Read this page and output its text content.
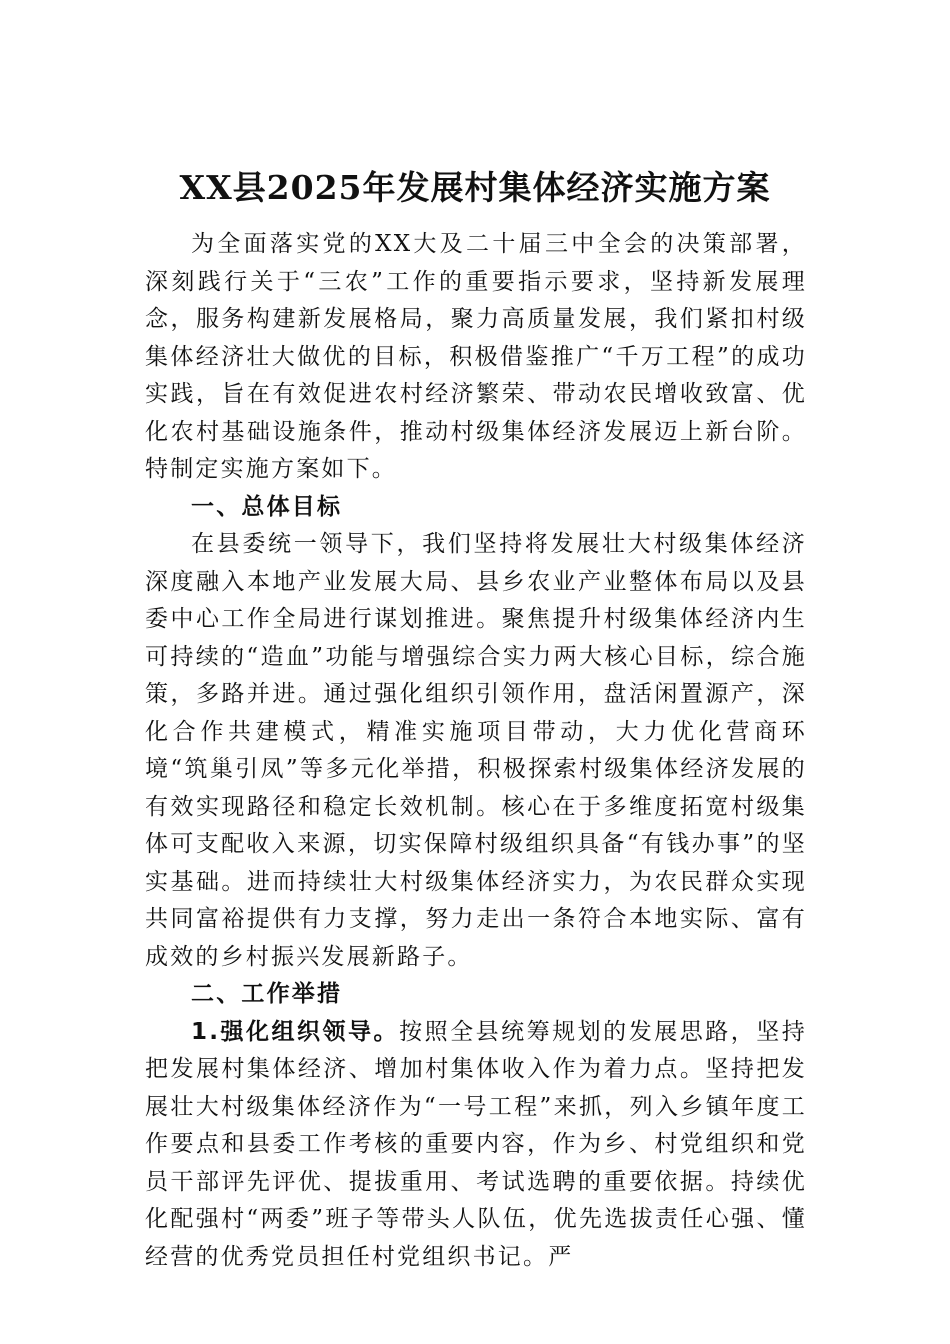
XX县2025年发展村集体经济实施方案

为全面落实党的XX大及二十届三中全会的决策部署，深刻践行关于“三农”工作的重要指示要求，坚持新发展理念，服务构建新发展格局，聚力高质量发展，我们紧扣村级集体经济壮大做优的目标，积极借鉴推广“千万工程”的成功实践，旨在有效促进农村经济繁荣、带动农民增收致富、优化农村基础设施条件，推动村级集体经济发展迈上新台阶。特制定实施方案如下。

一、总体目标

在县委统一领导下，我们坚持将发展壮大村级集体经济深度融入本地产业发展大局、县乡农业产业整体布局以及县委中心工作全局进行谋划推进。聚焦提升村级集体经济内生可持续的“造血”功能与增强综合实力两大核心目标，综合施策，多路并进。通过强化组织引领作用，盘活闲置源产，深化合作共建模式，精准实施项目带动，大力优化营商环境“筑巢引凤”等多元化举措，积极探索村级集体经济发展的有效实现路径和稳定长效机制。核心在于多维度拓宽村级集体可支配收入来源，切实保障村级组织具备“有钱办事”的坚实基础。进而持续壮大村级集体经济实力，为农民群众实现共同富裕提供有力支撑，努力走出一条符合本地实际、富有成效的乡村振兴发展新路子。

二、工作举措

1.强化组织领导。按照全县统筹规划的发展思路，坚持把发展村集体经济、增加村集体收入作为着力点。坚持把发展壮大村级集体经济作为“一号工程”来抓，列入乡镇年度工作要点和县委工作考核的重要内容，作为乡、村党组织和党员干部评先评优、提拔重用、考试选聘的重要依据。持续优化配强村“两委”班子等带头人队伍，优先选拔责任心强、懂经营的优秀党员担任村党组织书记。严
